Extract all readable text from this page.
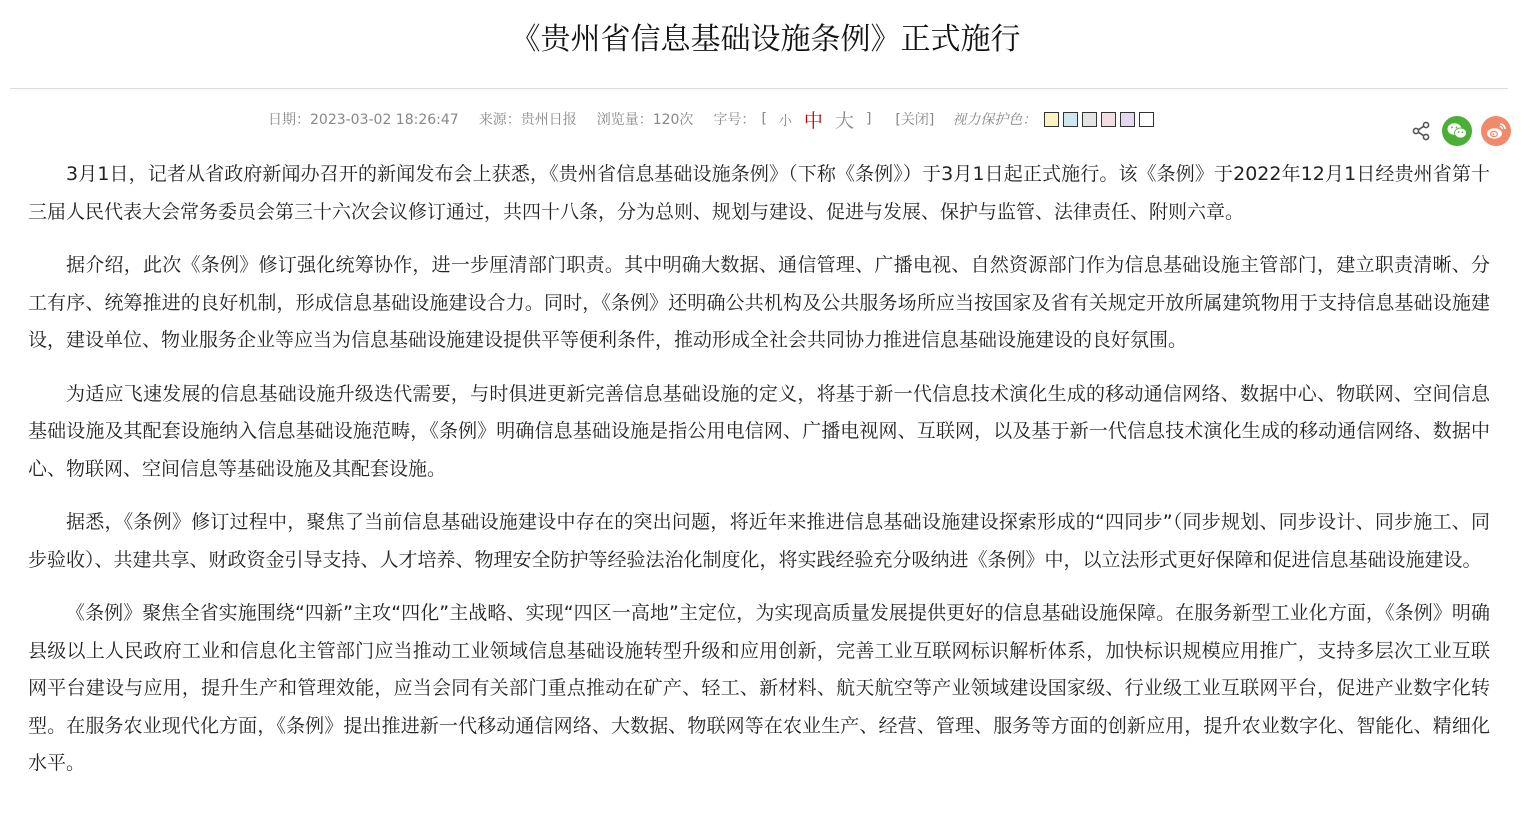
《贵州省信息基础设施条例》正式施行
日期：2023-03-02 18:26:47 来源：贵州日报 浏览量：120次 字号： [ 小 中 大 ] [关闭] 视力保护色：

3月1日，记者从省政府新闻办召开的新闻发布会上获悉，《贵州省信息基础设施条例》（下称《条例》）于3月1日起正式施行。该《条例》于2022年12月1日经贵州省第十三届人民代表大会常务委员会第三十六次会议修订通过，共四十八条，分为总则、规划与建设、促进与发展、保护与监管、法律责任、附则六章。

据介绍，此次《条例》修订强化统筹协作，进一步厘清部门职责。其中明确大数据、通信管理、广播电视、自然资源部门作为信息基础设施主管部门，建立职责清晰、分工有序、统筹推进的良好机制，形成信息基础设施建设合力。同时，《条例》还明确公共机构及公共服务场所应当按国家及省有关规定开放所属建筑物用于支持信息基础设施建设，建设单位、物业服务企业等应当为信息基础设施建设提供平等便利条件，推动形成全社会共同协力推进信息基础设施建设的良好氛围。

为适应飞速发展的信息基础设施升级迭代需要，与时俱进更新完善信息基础设施的定义，将基于新一代信息技术演化生成的移动通信网络、数据中心、物联网、空间信息基础设施及其配套设施纳入信息基础设施范畴，《条例》明确信息基础设施是指公用电信网、广播电视网、互联网，以及基于新一代信息技术演化生成的移动通信网络、数据中心、物联网、空间信息等基础设施及其配套设施。

据悉，《条例》修订过程中，聚焦了当前信息基础设施建设中存在的突出问题，将近年来推进信息基础设施建设探索形成的“四同步”（同步规划、同步设计、同步施工、同步验收）、共建共享、财政资金引导支持、人才培养、物理安全防护等经验法治化制度化，将实践经验充分吸纳进《条例》中，以立法形式更好保障和促进信息基础设施建设。

《条例》聚焦全省实施围绕“四新”主攻“四化”主战略、实现“四区一高地”主定位，为实现高质量发展提供更好的信息基础设施保障。在服务新型工业化方面，《条例》明确县级以上人民政府工业和信息化主管部门应当推动工业领域信息基础设施转型升级和应用创新，完善工业互联网标识解析体系，加快标识规模应用推广，支持多层次工业互联网平台建设与应用，提升生产和管理效能，应当会同有关部门重点推动在矿产、轻工、新材料、航天航空等产业领域建设国家级、行业级工业互联网平台，促进产业数字化转型。在服务农业现代化方面，《条例》提出推进新一代移动通信网络、大数据、物联网等在农业生产、经营、管理、服务等方面的创新应用，提升农业数字化、智能化、精细化水平。
